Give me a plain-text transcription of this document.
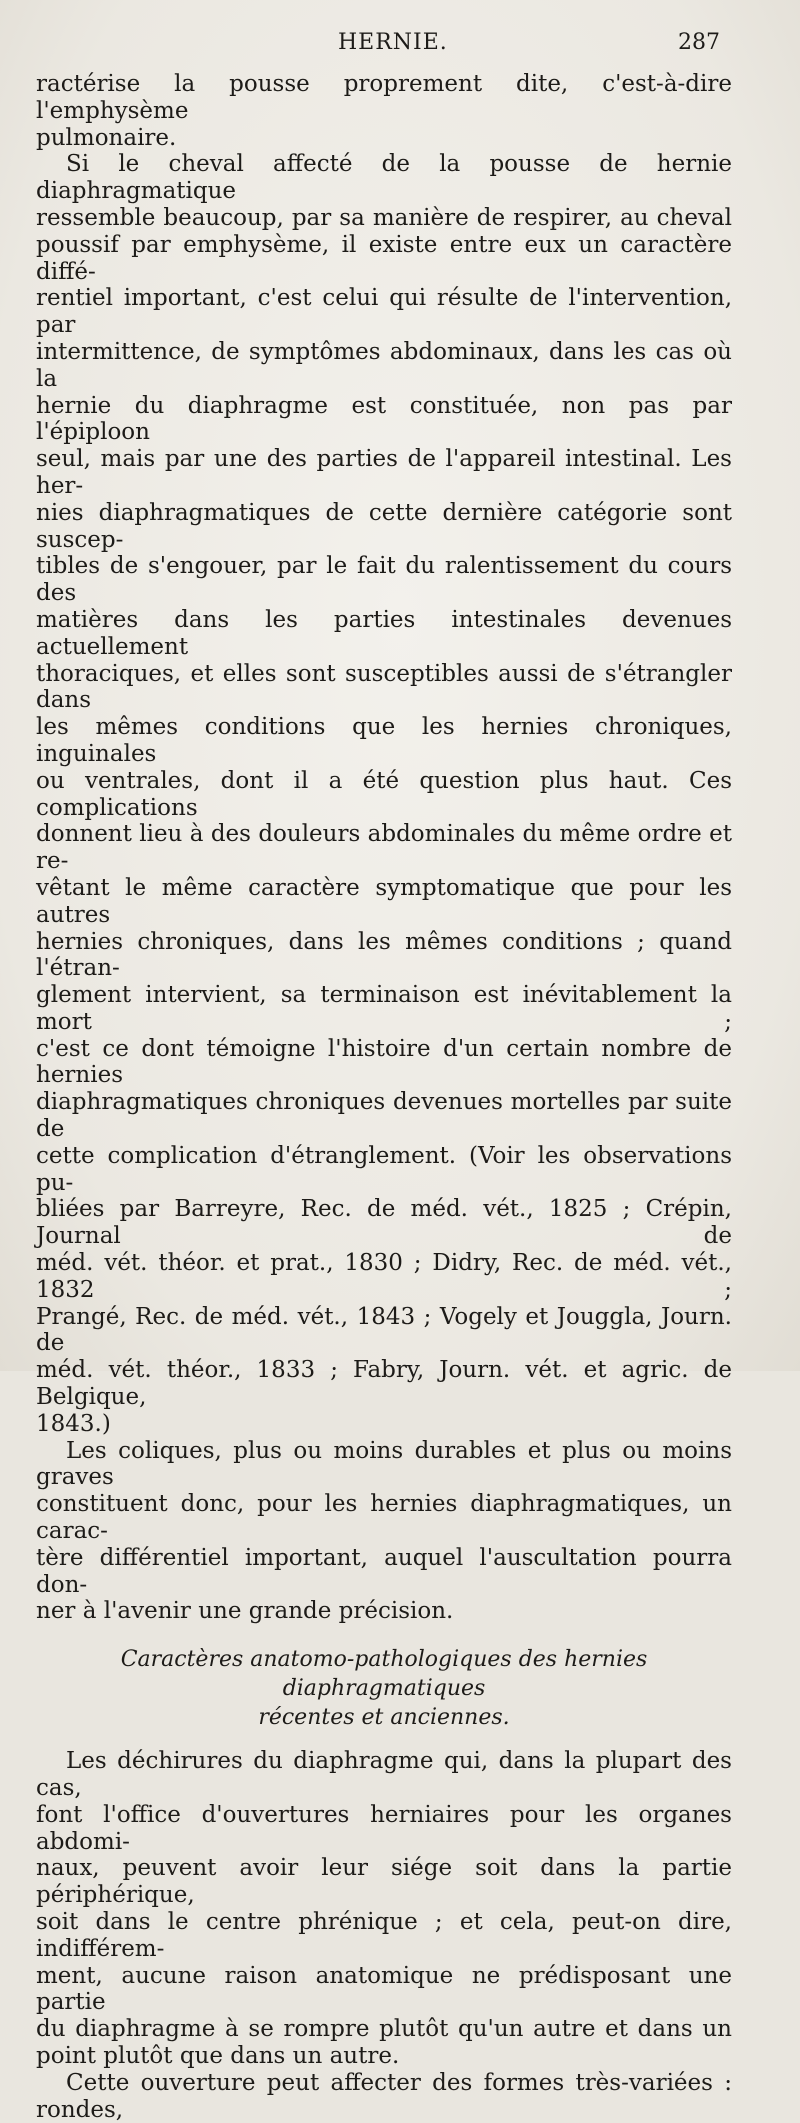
HERNIE.	287

ractérise la pousse proprement dite, c'est-à-dire l'emphysème

pulmonaire.

Si le cheval affecté de la pousse de hernie diaphragmatique

ressemble beaucoup, par sa manière de respirer, au cheval

poussif par emphysème, il existe entre eux un caractère diffé-

rentiel important, c'est celui qui résulte de l'intervention, par

intermittence, de symptômes abdominaux, dans les cas où la

hernie du diaphragme est constituée, non pas par l'épiploon

seul, mais par une des parties de l'appareil intestinal. Les her-

nies diaphragmatiques de cette dernière catégorie sont suscep-

tibles de s'engouer, par le fait du ralentissement du cours des

matières dans les parties intestinales devenues actuellement

thoraciques, et elles sont susceptibles aussi de s'étrangler dans

les mêmes conditions que les hernies chroniques, inguinales

ou ventrales, dont il a été question plus haut. Ces complications

donnent lieu à des douleurs abdominales du même ordre et re-

vêtant le même caractère symptomatique que pour les autres

hernies chroniques, dans les mêmes conditions ; quand l'étran-

glement intervient, sa terminaison est inévitablement la mort ;

c'est ce dont témoigne l'histoire d'un certain nombre de hernies

diaphragmatiques chroniques devenues mortelles par suite de

cette complication d'étranglement. (Voir les observations pu-

bliées par Barreyre, Rec. de méd. vét., 1825 ; Crépin, Journal de

méd. vét. théor. et prat., 1830 ; Didry, Rec. de méd. vét., 1832 ;

Prangé, Rec. de méd. vét., 1843 ; Vogely et Jouggla, Journ. de

méd. vét. théor., 1833 ; Fabry, Journ. vét. et agric. de Belgique,

1843.)

Les coliques, plus ou moins durables et plus ou moins graves

constituent donc, pour les hernies diaphragmatiques, un carac-

tère différentiel important, auquel l'auscultation pourra don-

ner à l'avenir une grande précision.

Caractères anatomo-pathologiques des hernies diaphragmatiques

récentes et anciennes.

Les déchirures du diaphragme qui, dans la plupart des cas,

font l'office d'ouvertures herniaires pour les organes abdomi-

naux, peuvent avoir leur siége soit dans la partie périphérique,

soit dans le centre phrénique ; et cela, peut-on dire, indifférem-

ment, aucune raison anatomique ne prédisposant une partie

du diaphragme à se rompre plutôt qu'un autre et dans un

point plutôt que dans un autre.

Cette ouverture peut affecter des formes très-variées : rondes,
